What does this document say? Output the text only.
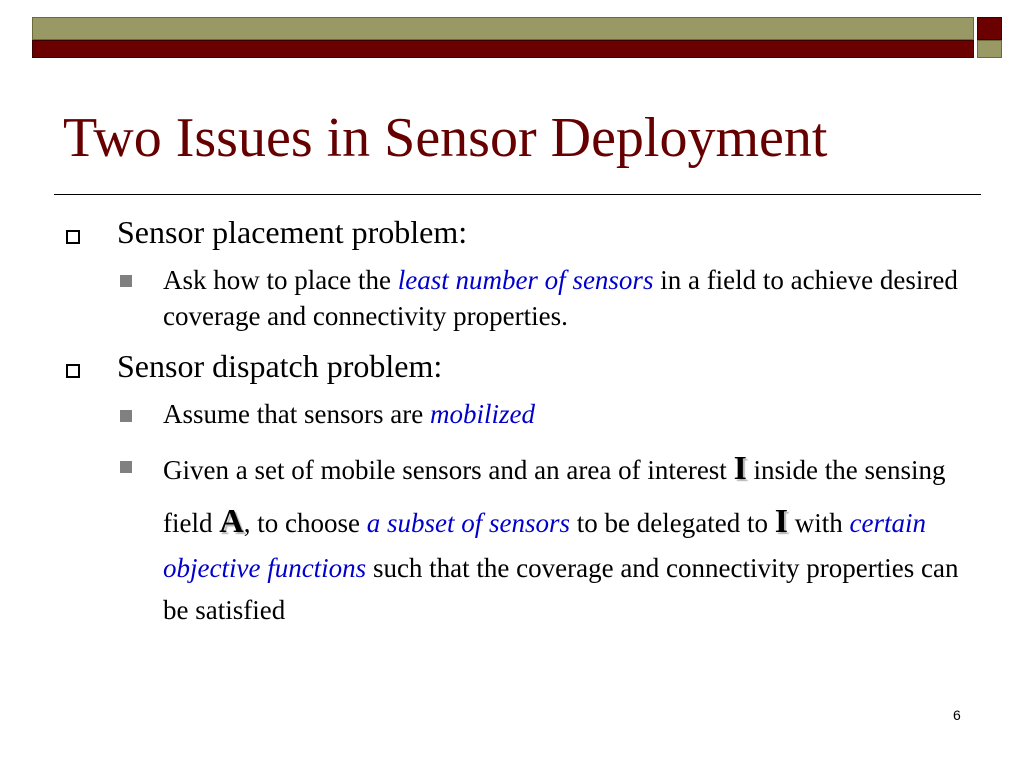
Two Issues in Sensor Deployment

Sensor placement problem:

Ask how to place the least number of sensors in a field to achieve desired coverage and connectivity properties.

Sensor dispatch problem:

Assume that sensors are mobilized

Given a set of mobile sensors and an area of interest I inside the sensing field A, to choose a subset of sensors to be delegated to I with certain objective functions such that the coverage and connectivity properties can be satisfied

6
